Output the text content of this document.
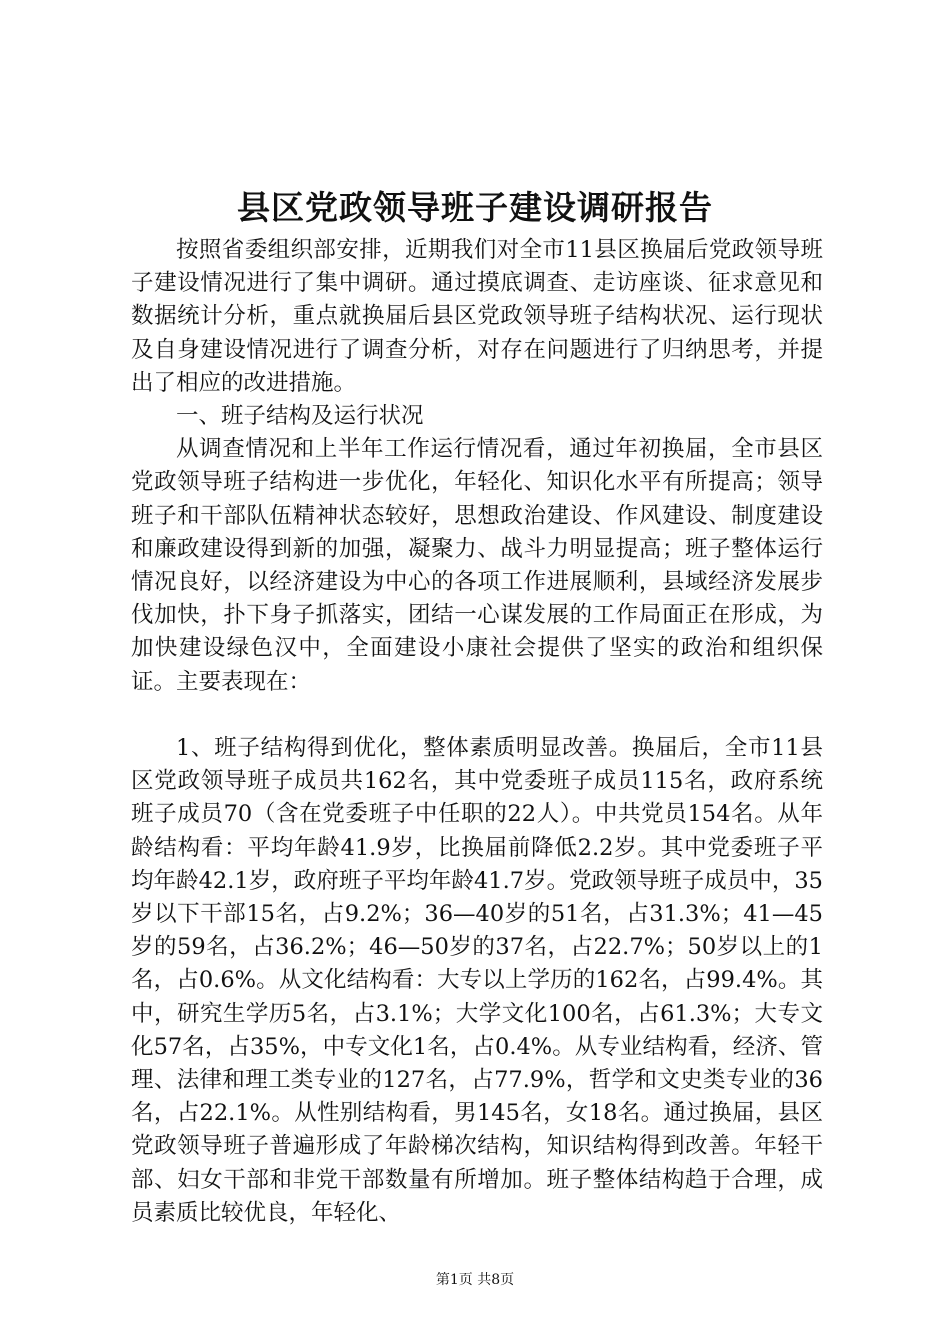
县区党政领导班子建设调研报告

按照省委组织部安排，近期我们对全市11县区换届后党政领导班子建设情况进行了集中调研。通过摸底调查、走访座谈、征求意见和数据统计分析，重点就换届后县区党政领导班子结构状况、运行现状及自身建设情况进行了调查分析，对存在问题进行了归纳思考，并提出了相应的改进措施。

一、班子结构及运行状况

从调查情况和上半年工作运行情况看，通过年初换届，全市县区党政领导班子结构进一步优化，年轻化、知识化水平有所提高；领导班子和干部队伍精神状态较好，思想政治建设、作风建设、制度建设和廉政建设得到新的加强，凝聚力、战斗力明显提高；班子整体运行情况良好，以经济建设为中心的各项工作进展顺利，县域经济发展步伐加快，扑下身子抓落实，团结一心谋发展的工作局面正在形成，为加快建设绿色汉中，全面建设小康社会提供了坚实的政治和组织保证。主要表现在：

1、班子结构得到优化，整体素质明显改善。换届后，全市11县区党政领导班子成员共162名，其中党委班子成员115名，政府系统班子成员70（含在党委班子中任职的22人）。中共党员154名。从年龄结构看：平均年龄41.9岁，比换届前降低2.2岁。其中党委班子平均年龄42.1岁，政府班子平均年龄41.7岁。党政领导班子成员中，35岁以下干部15名，占9.2%；36—40岁的51名，占31.3%；41—45岁的59名，占36.2%；46—50岁的37名，占22.7%；50岁以上的1名，占0.6%。从文化结构看：大专以上学历的162名，占99.4%。其中，研究生学历5名，占3.1%；大学文化100名，占61.3%；大专文化57名，占35%，中专文化1名，占0.4%。从专业结构看，经济、管理、法律和理工类专业的127名，占77.9%，哲学和文史类专业的36名，占22.1%。从性别结构看，男145名，女18名。通过换届，县区党政领导班子普遍形成了年龄梯次结构，知识结构得到改善。年轻干部、妇女干部和非党干部数量有所增加。班子整体结构趋于合理，成员素质比较优良，年轻化、

第1页 共8页
